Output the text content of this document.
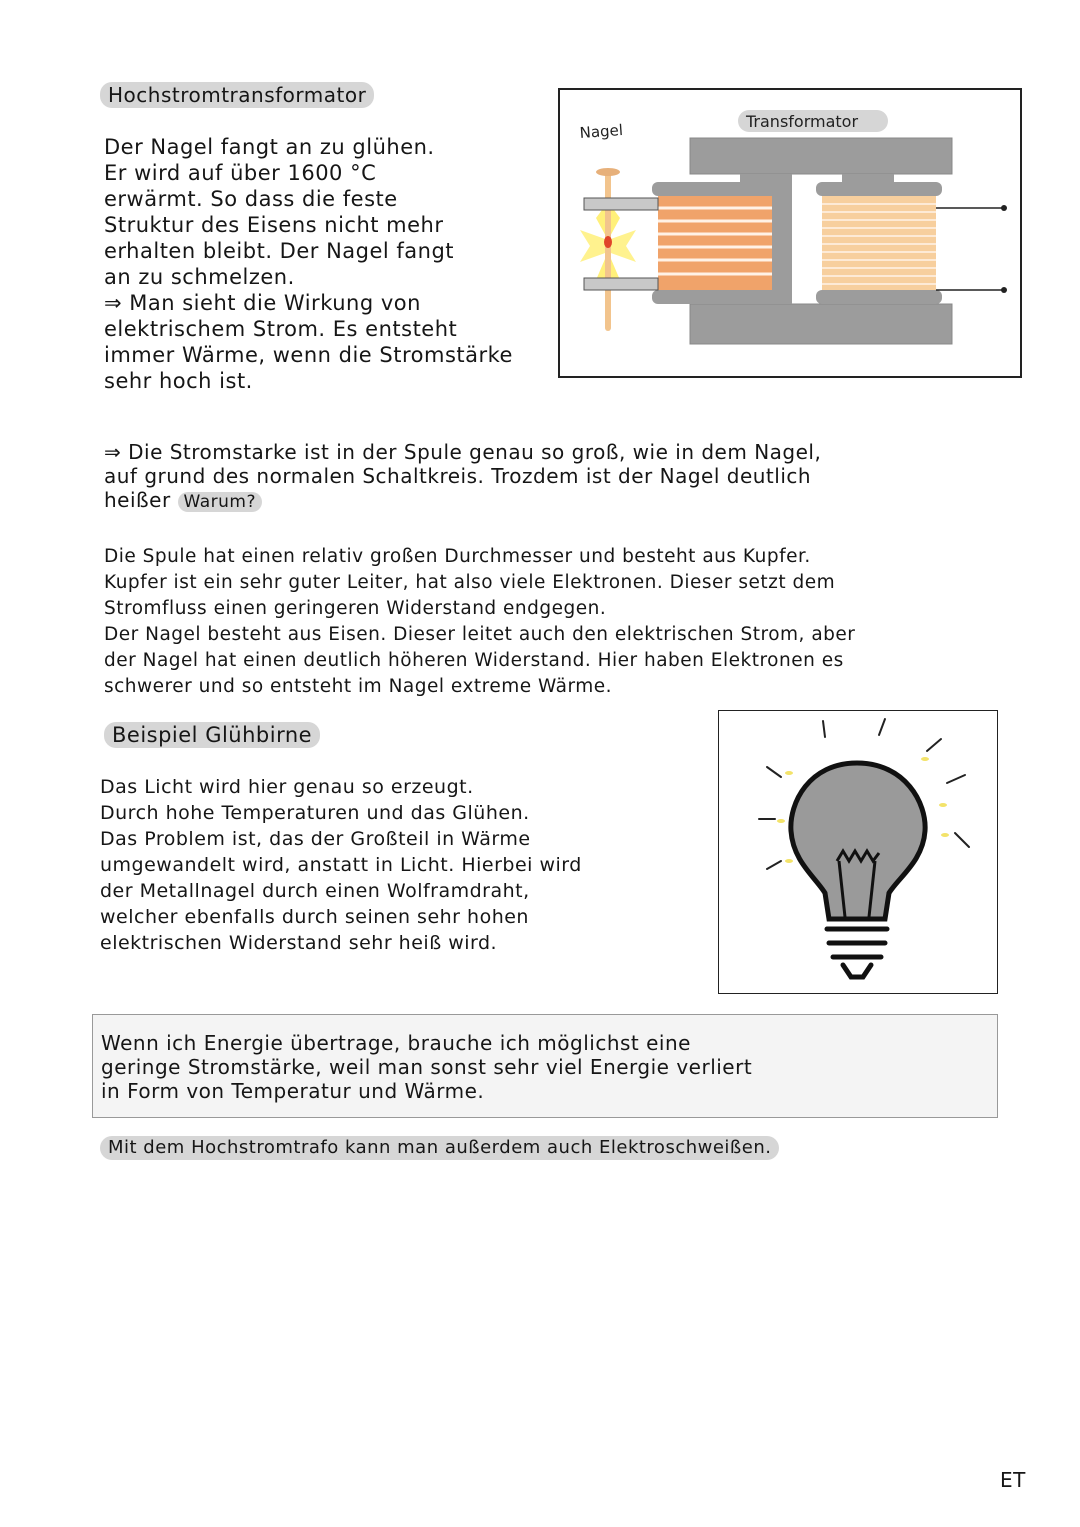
Hochstromtransformator
Der Nagel fangt an zu glühen.
Er wird auf über 1600 °C
erwärmt. So dass die feste
Struktur des Eisens nicht mehr
erhalten bleibt. Der Nagel fangt
an zu schmelzen.
⇒ Man sieht die Wirkung von
elektrischem Strom. Es entsteht
immer Wärme, wenn die Stromstärke
sehr hoch ist.
Nagel	Transformator
⇒ Die Stromstarke ist in der Spule genau so groß, wie in dem Nagel,
auf grund des normalen Schaltkreis. Trozdem ist der Nagel deutlich
heißer Warum?
Die Spule hat einen relativ großen Durchmesser und besteht aus Kupfer.
Kupfer ist ein sehr guter Leiter, hat also viele Elektronen. Dieser setzt dem
Stromfluss einen geringeren Widerstand endgegen.
Der Nagel besteht aus Eisen. Dieser leitet auch den elektrischen Strom, aber
der Nagel hat einen deutlich höheren Widerstand. Hier haben Elektronen es
schwerer und so entsteht im Nagel extreme Wärme.
Beispiel Glühbirne
Das Licht wird hier genau so erzeugt.
Durch hohe Temperaturen und das Glühen.
Das Problem ist, das der Großteil in Wärme
umgewandelt wird, anstatt in Licht. Hierbei wird
der Metallnagel durch einen Wolframdraht,
welcher ebenfalls durch seinen sehr hohen
elektrischen Widerstand sehr heiß wird.
Wenn ich Energie übertrage, brauche ich möglichst eine
geringe Stromstärke, weil man sonst sehr viel Energie verliert
in Form von Temperatur und Wärme.
Mit dem Hochstromtrafo kann man außerdem auch Elektroschweißen.
ET
